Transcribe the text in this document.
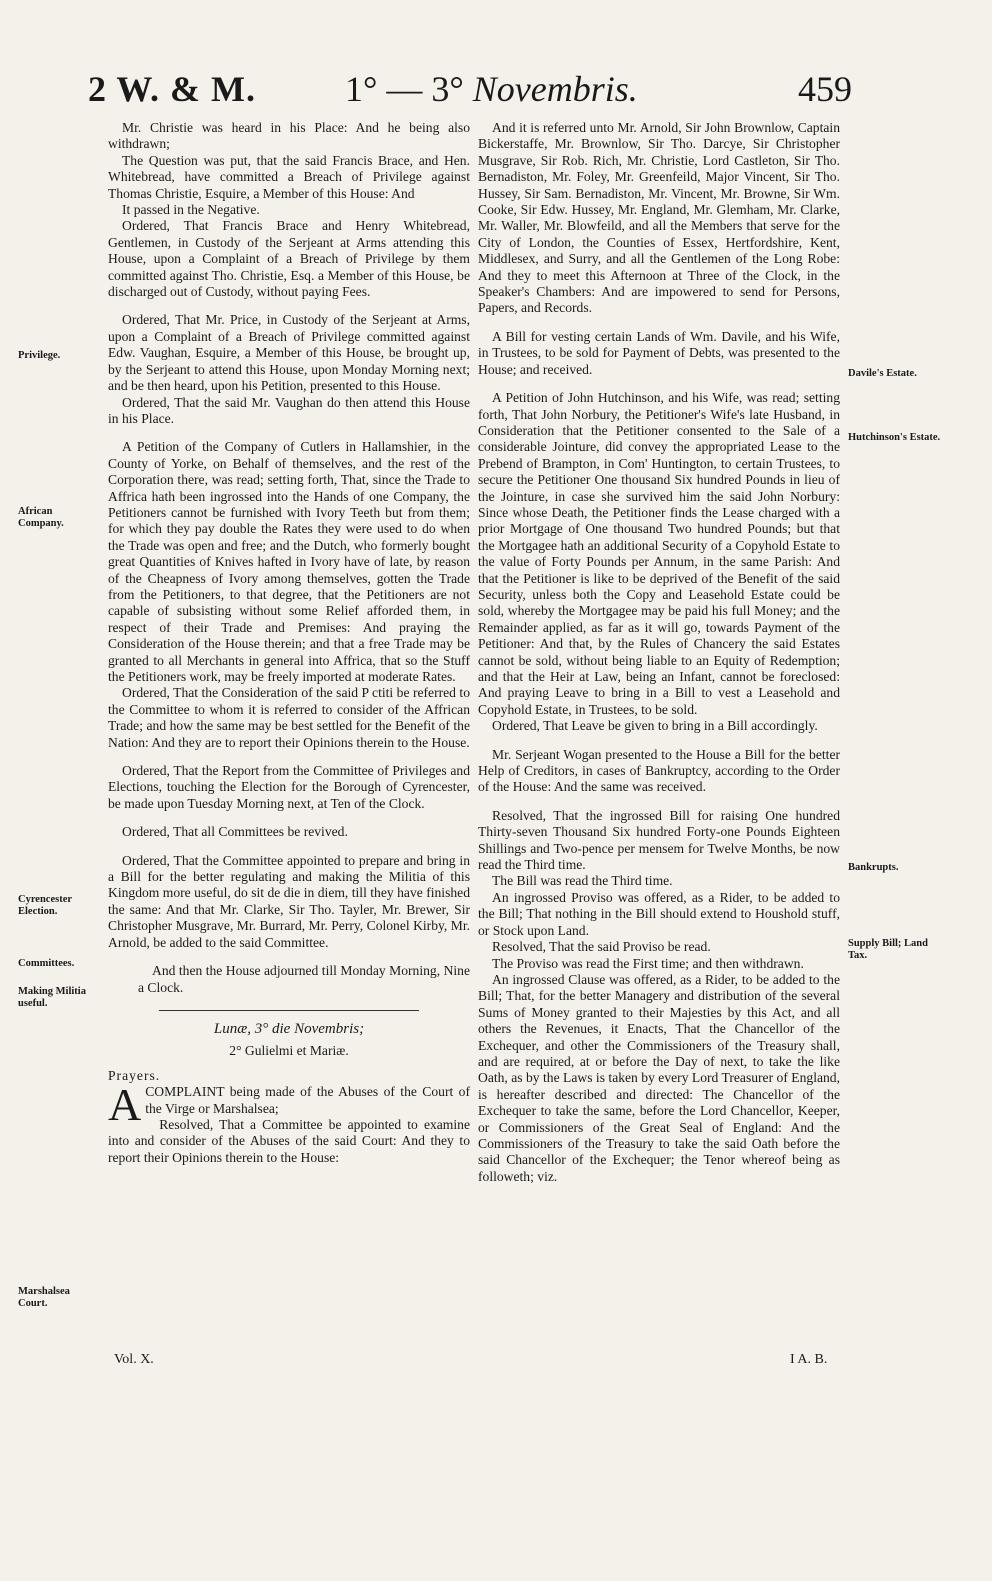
2 W. & M. 1° — 3° Novembris.	459
Privilege.
African Company.
Cyrencester Election.
Committees.
Making Militia useful.
Marshalsea Court.
Davile's Estate.
Hutchinson's Estate.
Bankrupts.
Supply Bill; Land Tax.

Mr. Christie was heard in his Place: And he being also withdrawn;

The Question was put, that the said Francis Brace, and Hen. Whitebread, have committed a Breach of Privilege against Thomas Christie, Esquire, a Member of this House: And

It passed in the Negative.

Ordered, That Francis Brace and Henry Whitebread, Gentlemen, in Custody of the Serjeant at Arms attending this House, upon a Complaint of a Breach of Privilege by them committed against Tho. Christie, Esq. a Member of this House, be discharged out of Custody, without paying Fees.

Ordered, That Mr. Price, in Custody of the Serjeant at Arms, upon a Complaint of a Breach of Privilege committed against Edw. Vaughan, Esquire, a Member of this House, be brought up, by the Serjeant to attend this House, upon Monday Morning next; and be then heard, upon his Petition, presented to this House.

Ordered, That the said Mr. Vaughan do then attend this House in his Place.

A Petition of the Company of Cutlers in Hallamshier, in the County of Yorke, on Behalf of themselves, and the rest of the Corporation there, was read; setting forth, That, since the Trade to Affrica hath been ingrossed into the Hands of one Company, the Petitioners cannot be furnished with Ivory Teeth but from them; for which they pay double the Rates they were used to do when the Trade was open and free; and the Dutch, who formerly bought great Quantities of Knives hafted in Ivory have of late, by reason of the Cheapness of Ivory among themselves, gotten the Trade from the Petitioners, to that degree, that the Petitioners are not capable of subsisting without some Relief afforded them, in respect of their Trade and Premises: And praying the Consideration of the House therein; and that a free Trade may be granted to all Merchants in general into Affrica, that so the Stuff the Petitioners work, may be freely imported at moderate Rates.

Ordered, That the Consideration of the said P ctiti be referred to the Committee to whom it is referred to consider of the Affrican Trade; and how the same may be best settled for the Benefit of the Nation: And they are to report their Opinions therein to the House.

Ordered, That the Report from the Committee of Privileges and Elections, touching the Election for the Borough of Cyrencester, be made upon Tuesday Morning next, at Ten of the Clock.

Ordered, That all Committees be revived.

Ordered, That the Committee appointed to prepare and bring in a Bill for the better regulating and making the Militia of this Kingdom more useful, do sit de die in diem, till they have finished the same: And that Mr. Clarke, Sir Tho. Tayler, Mr. Brewer, Sir Christopher Musgrave, Mr. Burrard, Mr. Perry, Colonel Kirby, Mr. Arnold, be added to the said Committee.

And then the House adjourned till Monday Morning, Nine a Clock.

Lunæ, 3° die Novembris;

2° Gulielmi et Mariæ.

Prayers.

ACOMPLAINT being made of the Abuses of the Court of the Virge or Marshalsea;

Resolved, That a Committee be appointed to examine into and consider of the Abuses of the said Court: And they to report their Opinions therein to the House:

And it is referred unto Mr. Arnold, Sir John Brownlow, Captain Bickerstaffe, Mr. Brownlow, Sir Tho. Darcye, Sir Christopher Musgrave, Sir Rob. Rich, Mr. Christie, Lord Castleton, Sir Tho. Bernadiston, Mr. Foley, Mr. Greenfeild, Major Vincent, Sir Tho. Hussey, Sir Sam. Bernadiston, Mr. Vincent, Mr. Browne, Sir Wm. Cooke, Sir Edw. Hussey, Mr. England, Mr. Glemham, Mr. Clarke, Mr. Waller, Mr. Blowfeild, and all the Members that serve for the City of London, the Counties of Essex, Hertfordshire, Kent, Middlesex, and Surry, and all the Gentlemen of the Long Robe: And they to meet this Afternoon at Three of the Clock, in the Speaker's Chambers: And are impowered to send for Persons, Papers, and Records.

A Bill for vesting certain Lands of Wm. Davile, and his Wife, in Trustees, to be sold for Payment of Debts, was presented to the House; and received.

A Petition of John Hutchinson, and his Wife, was read; setting forth, That John Norbury, the Petitioner's Wife's late Husband, in Consideration that the Petitioner consented to the Sale of a considerable Jointure, did convey the appropriated Lease to the Prebend of Brampton, in Com' Huntington, to certain Trustees, to secure the Petitioner One thousand Six hundred Pounds in lieu of the Jointure, in case she survived him the said John Norbury: Since whose Death, the Petitioner finds the Lease charged with a prior Mortgage of One thousand Two hundred Pounds; but that the Mortgagee hath an additional Security of a Copyhold Estate to the value of Forty Pounds per Annum, in the same Parish: And that the Petitioner is like to be deprived of the Benefit of the said Security, unless both the Copy and Leasehold Estate could be sold, whereby the Mortgagee may be paid his full Money; and the Remainder applied, as far as it will go, towards Payment of the Petitioner: And that, by the Rules of Chancery the said Estates cannot be sold, without being liable to an Equity of Redemption; and that the Heir at Law, being an Infant, cannot be foreclosed: And praying Leave to bring in a Bill to vest a Leasehold and Copyhold Estate, in Trustees, to be sold.

Ordered, That Leave be given to bring in a Bill accordingly.

Mr. Serjeant Wogan presented to the House a Bill for the better Help of Creditors, in cases of Bankruptcy, according to the Order of the House: And the same was received.

Resolved, That the ingrossed Bill for raising One hundred Thirty-seven Thousand Six hundred Forty-one Pounds Eighteen Shillings and Two-pence per mensem for Twelve Months, be now read the Third time.

The Bill was read the Third time.

An ingrossed Proviso was offered, as a Rider, to be added to the Bill; That nothing in the Bill should extend to Houshold stuff, or Stock upon Land.

Resolved, That the said Proviso be read.

The Proviso was read the First time; and then withdrawn.

An ingrossed Clause was offered, as a Rider, to be added to the Bill; That, for the better Managery and distribution of the several Sums of Money granted to their Majesties by this Act, and all others the Revenues, it Enacts, That the Chancellor of the Exchequer, and other the Commissioners of the Treasury shall, and are required, at or before the Day of next, to take the like Oath, as by the Laws is taken by every Lord Treasurer of England, is hereafter described and directed: The Chancellor of the Exchequer to take the same, before the Lord Chancellor, Keeper, or Commissioners of the Great Seal of England: And the Commissioners of the Treasury to take the said Oath before the said Chancellor of the Exchequer; the Tenor whereof being as followeth; viz.

Vol. X.	I A. B.
